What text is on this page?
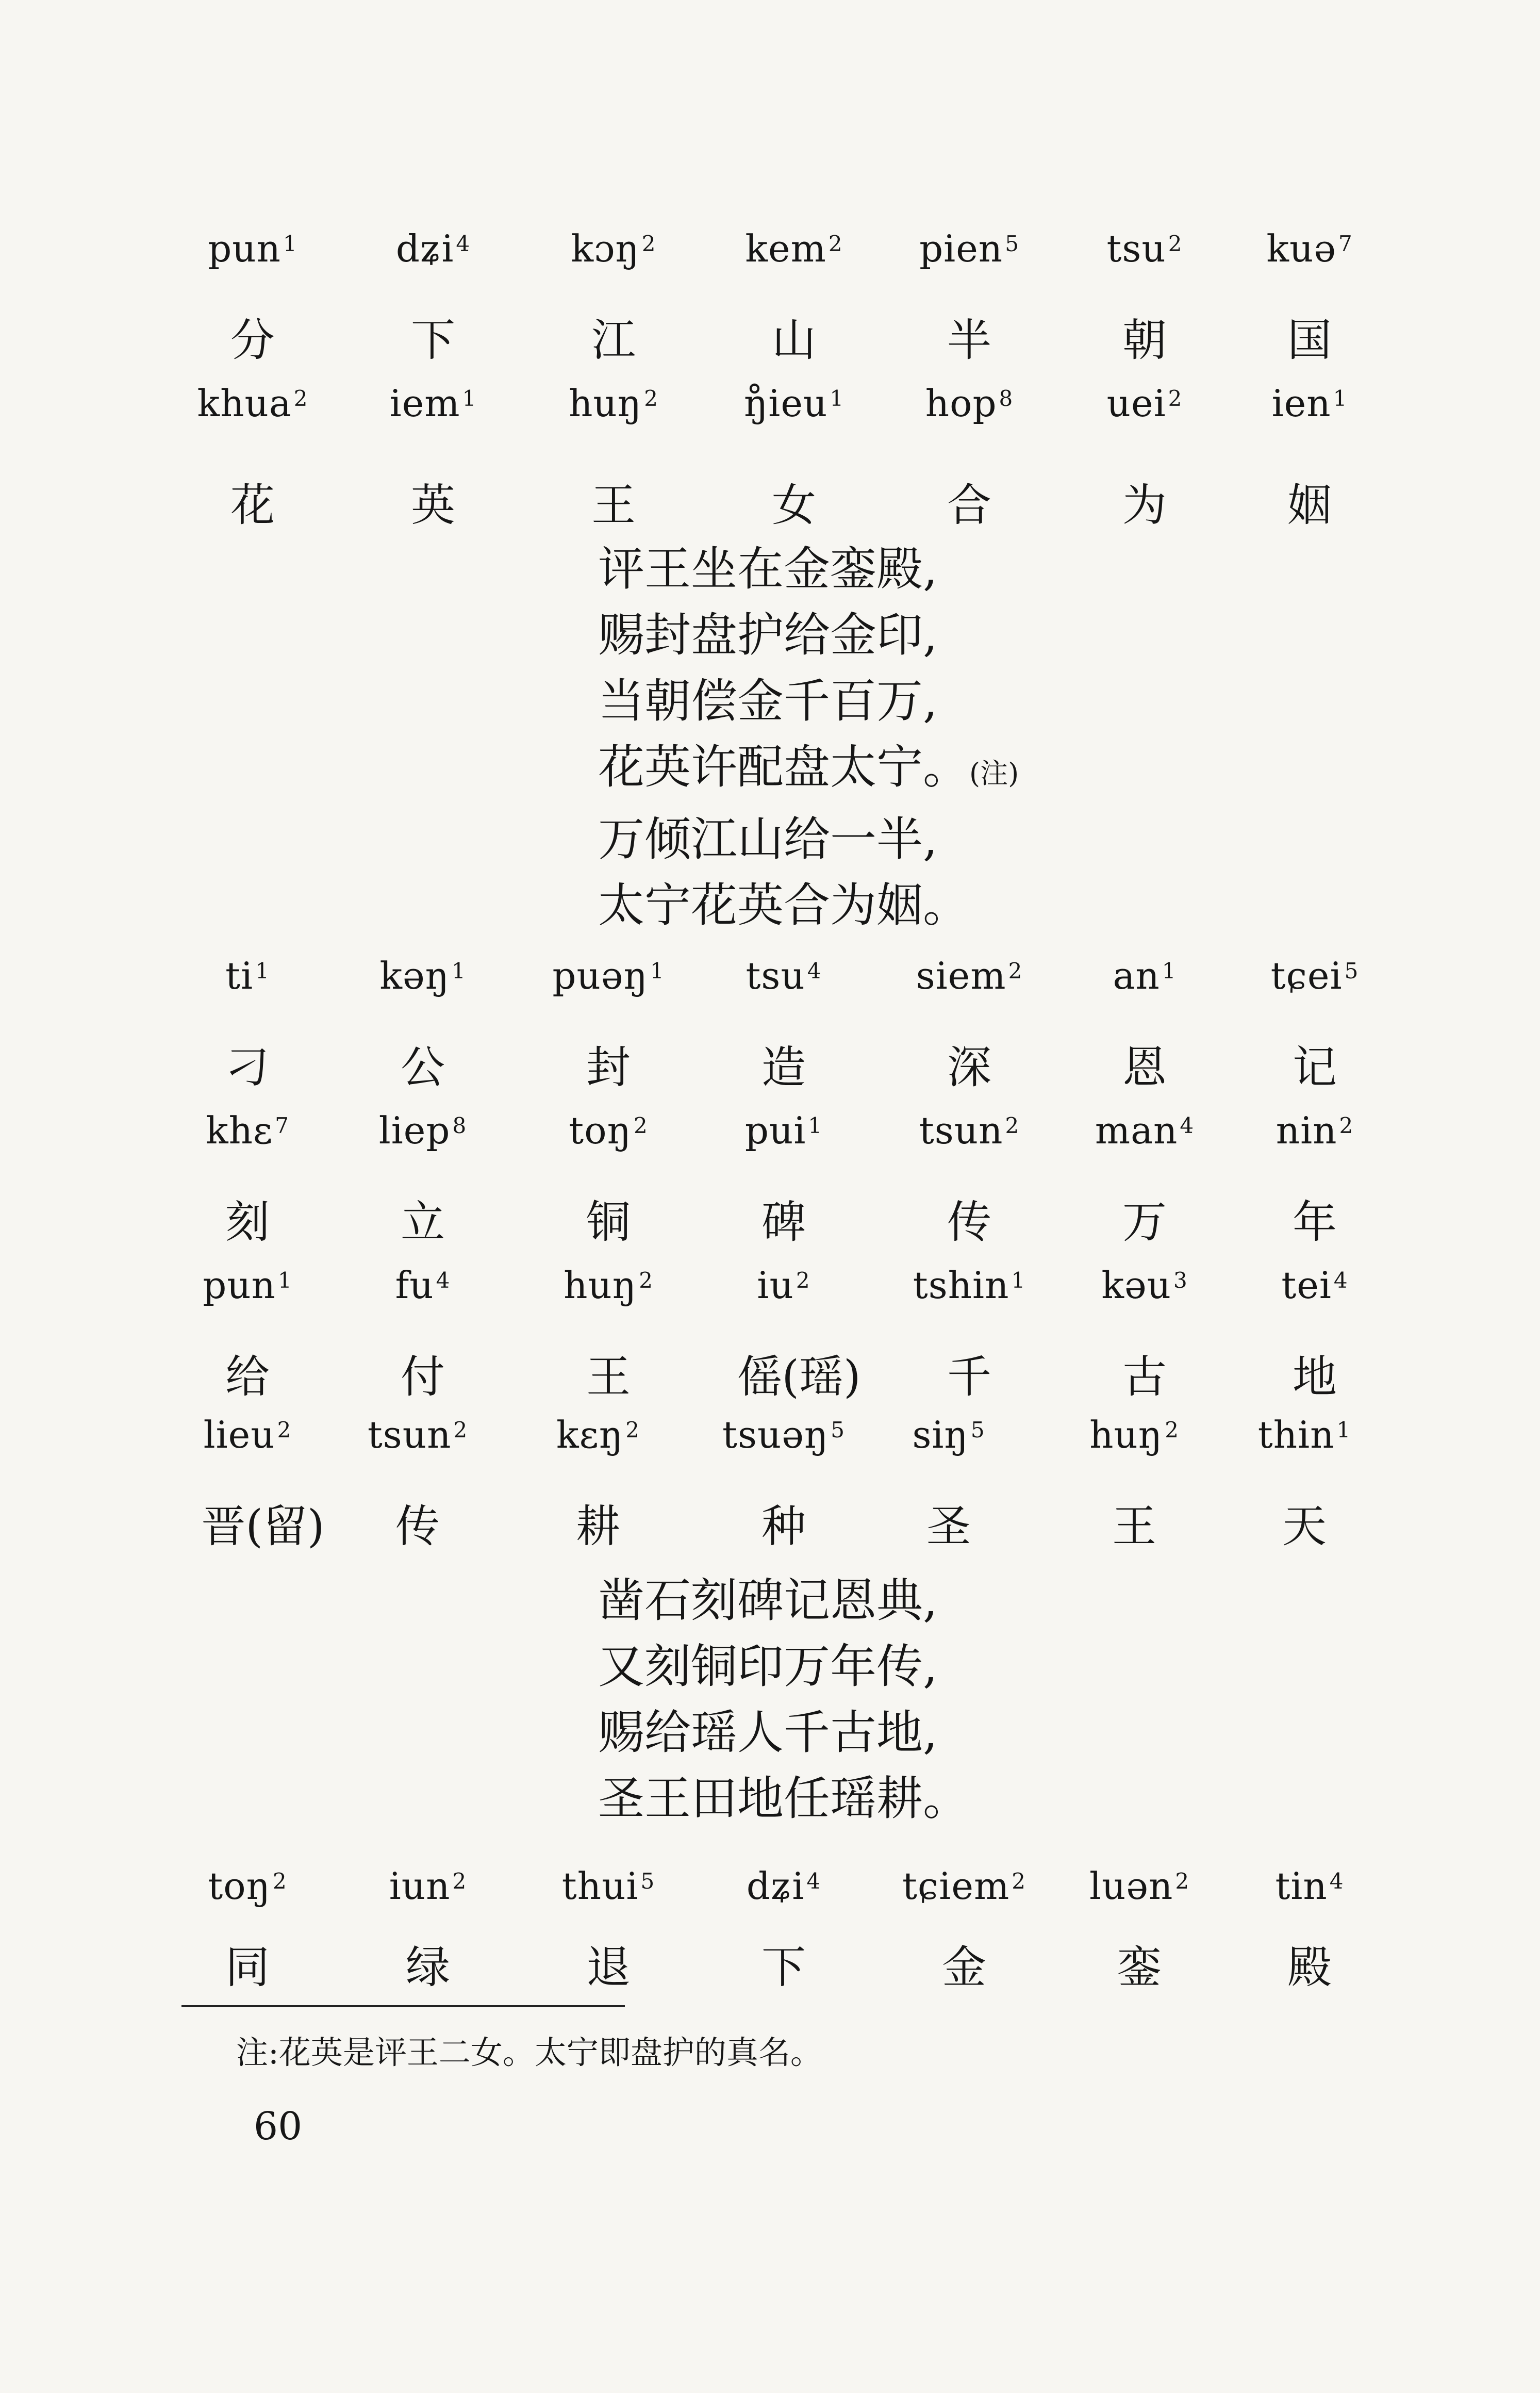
pun$^1$	dʑi$^4$	kɔŋ$^2$	kem$^2$	pien$^5$	tsu$^2$	kuə$^7$
分	下	江	山	半	朝	国
khua$^2$	iem$^1$	huŋ$^2$	ŋ̊ieu$^1$	hop$^8$	uei$^2$	ien$^1$
花	英	王	女	合	为	姻
评王坐在金銮殿,
赐封盘护给金印,
当朝偿金千百万,
花英许配盘太宁。(注)
万倾江山给一半,
太宁花英合为姻。
$ti^1$	kəŋ$^1$	puəŋ$^1$	tsu$^4$	siem$^2$	$an^1$	tɕei$^5$
刁	公	封	造	深	恩	记
khɛ$^7$	liep$^8$	toŋ$^2$	pui$^1$	tsun$^2$	man$^4$	nin$^2$
刻	立	铜	碑	传	万	年
pun$^1$	$fu^4$	huŋ$^2$	$iu^2$	tshin$^1$	kəu$^3$	tei$^4$
给	付	王	傜(瑶)	千	古	地
lieu$^2$	tsun$^2$	kɛŋ$^2$	tsuəŋ$^5$	siŋ$^5$	huŋ$^2$	thin$^1$
晋(留)	传	耕	种	圣	王	天
凿石刻碑记恩典,
又刻铜印万年传,
赐给瑶人千古地,
圣王田地任瑶耕。
toŋ$^2$	iun$^2$	thui$^5$	dʑi$^4$	tɕiem$^2$	luən$^2$	tin$^4$
同	绿	退	下	金	銮	殿
注:花英是评王二女。太宁即盘护的真名。
60
